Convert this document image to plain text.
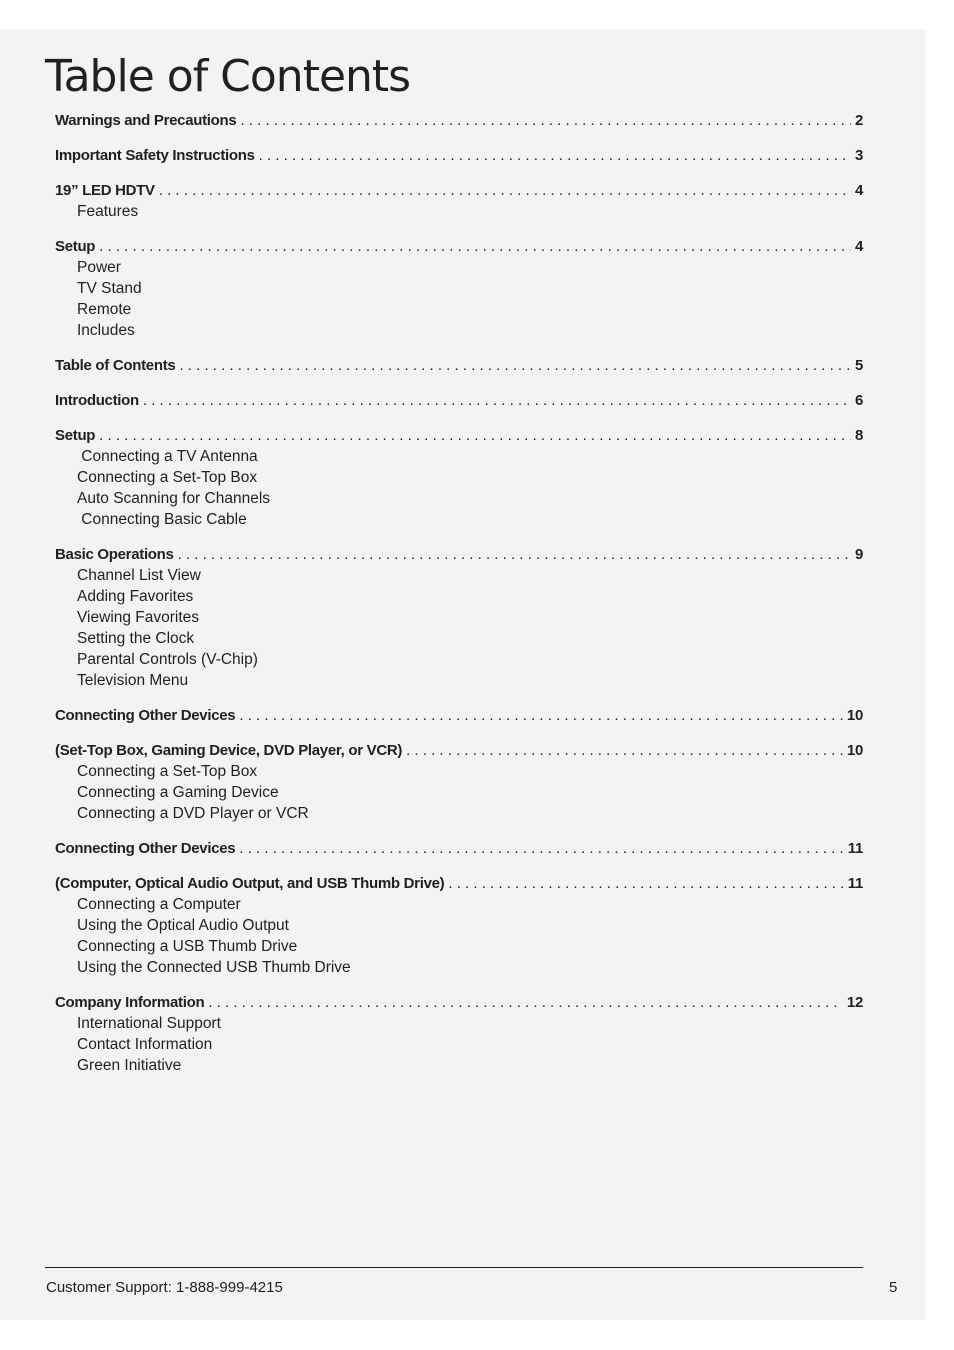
Table of Contents
Warnings and Precautions . . .	2
Important Safety Instructions . . .	3
19” LED HDTV . . .	4
Features
Setup . . .	4
Power
TV Stand
Remote
Includes
Table of Contents . . .	5
Introduction . . .	6
Setup . . .	8
Connecting a TV Antenna
Connecting a Set-Top Box
Auto Scanning for Channels
Connecting Basic Cable
Basic Operations . . .	9
Channel List View
Adding Favorites
Viewing Favorites
Setting the Clock
Parental Controls (V-Chip)
Television Menu
Connecting Other Devices . . .	10
(Set-Top Box, Gaming Device, DVD Player, or VCR) . . .	10
Connecting a Set-Top Box
Connecting a Gaming Device
Connecting a DVD Player or VCR
Connecting Other Devices . . .	11
(Computer, Optical Audio Output, and USB Thumb Drive) . . .	11
Connecting a Computer
Using the Optical Audio Output
Connecting a USB Thumb Drive
Using the Connected USB Thumb Drive
Company Information . . .	12
International Support
Contact Information
Green Initiative
Customer Support: 1-888-999-4215	5
